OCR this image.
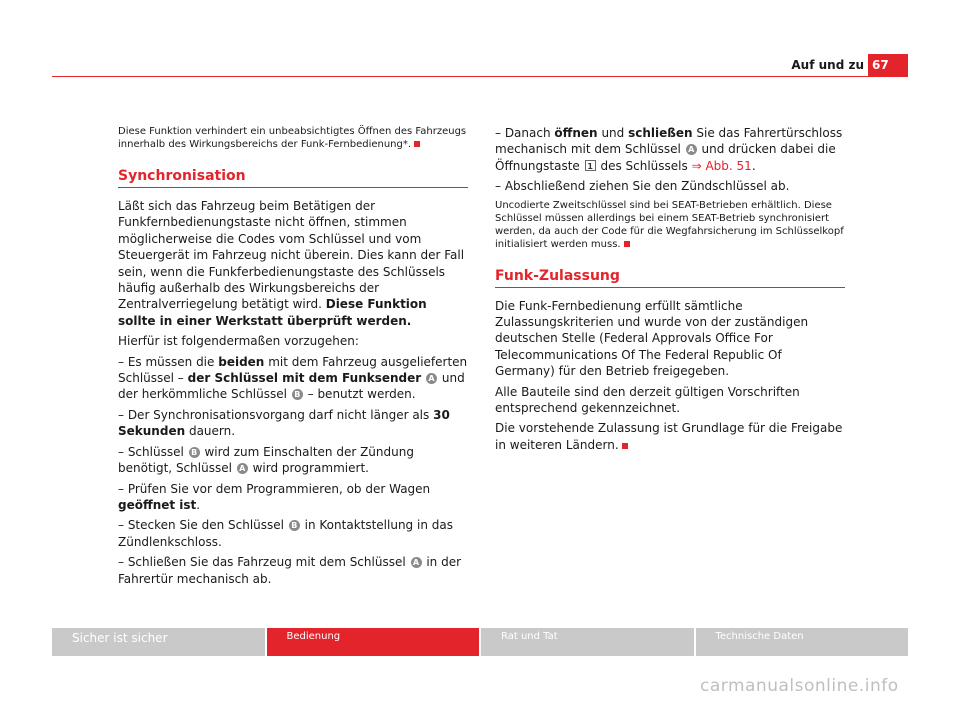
Auf und zu 67

Diese Funktion verhindert ein unbeabsichtigtes Öffnen des Fahrzeugs innerhalb des Wirkungsbereichs der Funk-Fernbedienung*.

Synchronisation

Läßt sich das Fahrzeug beim Betätigen der Funkfernbedienungstaste nicht öffnen, stimmen möglicherweise die Codes vom Schlüssel und vom Steuergerät im Fahrzeug nicht überein. Dies kann der Fall sein, wenn die Funkferbedienungstaste des Schlüssels häufig außerhalb des Wirkungsbereichs der Zentralverriegelung betätigt wird. Diese Funktion sollte in einer Werkstatt überprüft werden.

Hierfür ist folgendermaßen vorzugehen:

– Es müssen die beiden mit dem Fahrzeug ausgelieferten Schlüssel – der Schlüssel mit dem Funksender A und der herkömmliche Schlüssel B – benutzt werden.

– Der Synchronisationsvorgang darf nicht länger als 30 Sekunden dauern.

– Schlüssel B wird zum Einschalten der Zündung benötigt, Schlüssel A wird programmiert.

– Prüfen Sie vor dem Programmieren, ob der Wagen geöffnet ist.

– Stecken Sie den Schlüssel B in Kontaktstellung in das Zündlenkschloss.

– Schließen Sie das Fahrzeug mit dem Schlüssel A in der Fahrertür mechanisch ab.

– Danach öffnen und schließen Sie das Fahrertürschloss mechanisch mit dem Schlüssel A und drücken dabei die Öffnungstaste 1 des Schlüssels ⇒ Abb. 51.

– Abschließend ziehen Sie den Zündschlüssel ab.

Uncodierte Zweitschlüssel sind bei SEAT-Betrieben erhältlich. Diese Schlüssel müssen allerdings bei einem SEAT-Betrieb synchronisiert werden, da auch der Code für die Wegfahrsicherung im Schlüsselkopf initialisiert werden muss.

Funk-Zulassung

Die Funk-Fernbedienung erfüllt sämtliche Zulassungskriterien und wurde von der zuständigen deutschen Stelle (Federal Approvals Office For Telecommunications Of The Federal Republic Of Germany) für den Betrieb freigegeben.

Alle Bauteile sind den derzeit gültigen Vorschriften entsprechend gekennzeichnet.

Die vorstehende Zulassung ist Grundlage für die Freigabe in weiteren Ländern.

Sicher ist sicher	Bedienung	Rat und Tat	Technische Daten
carmanualsonline.info
